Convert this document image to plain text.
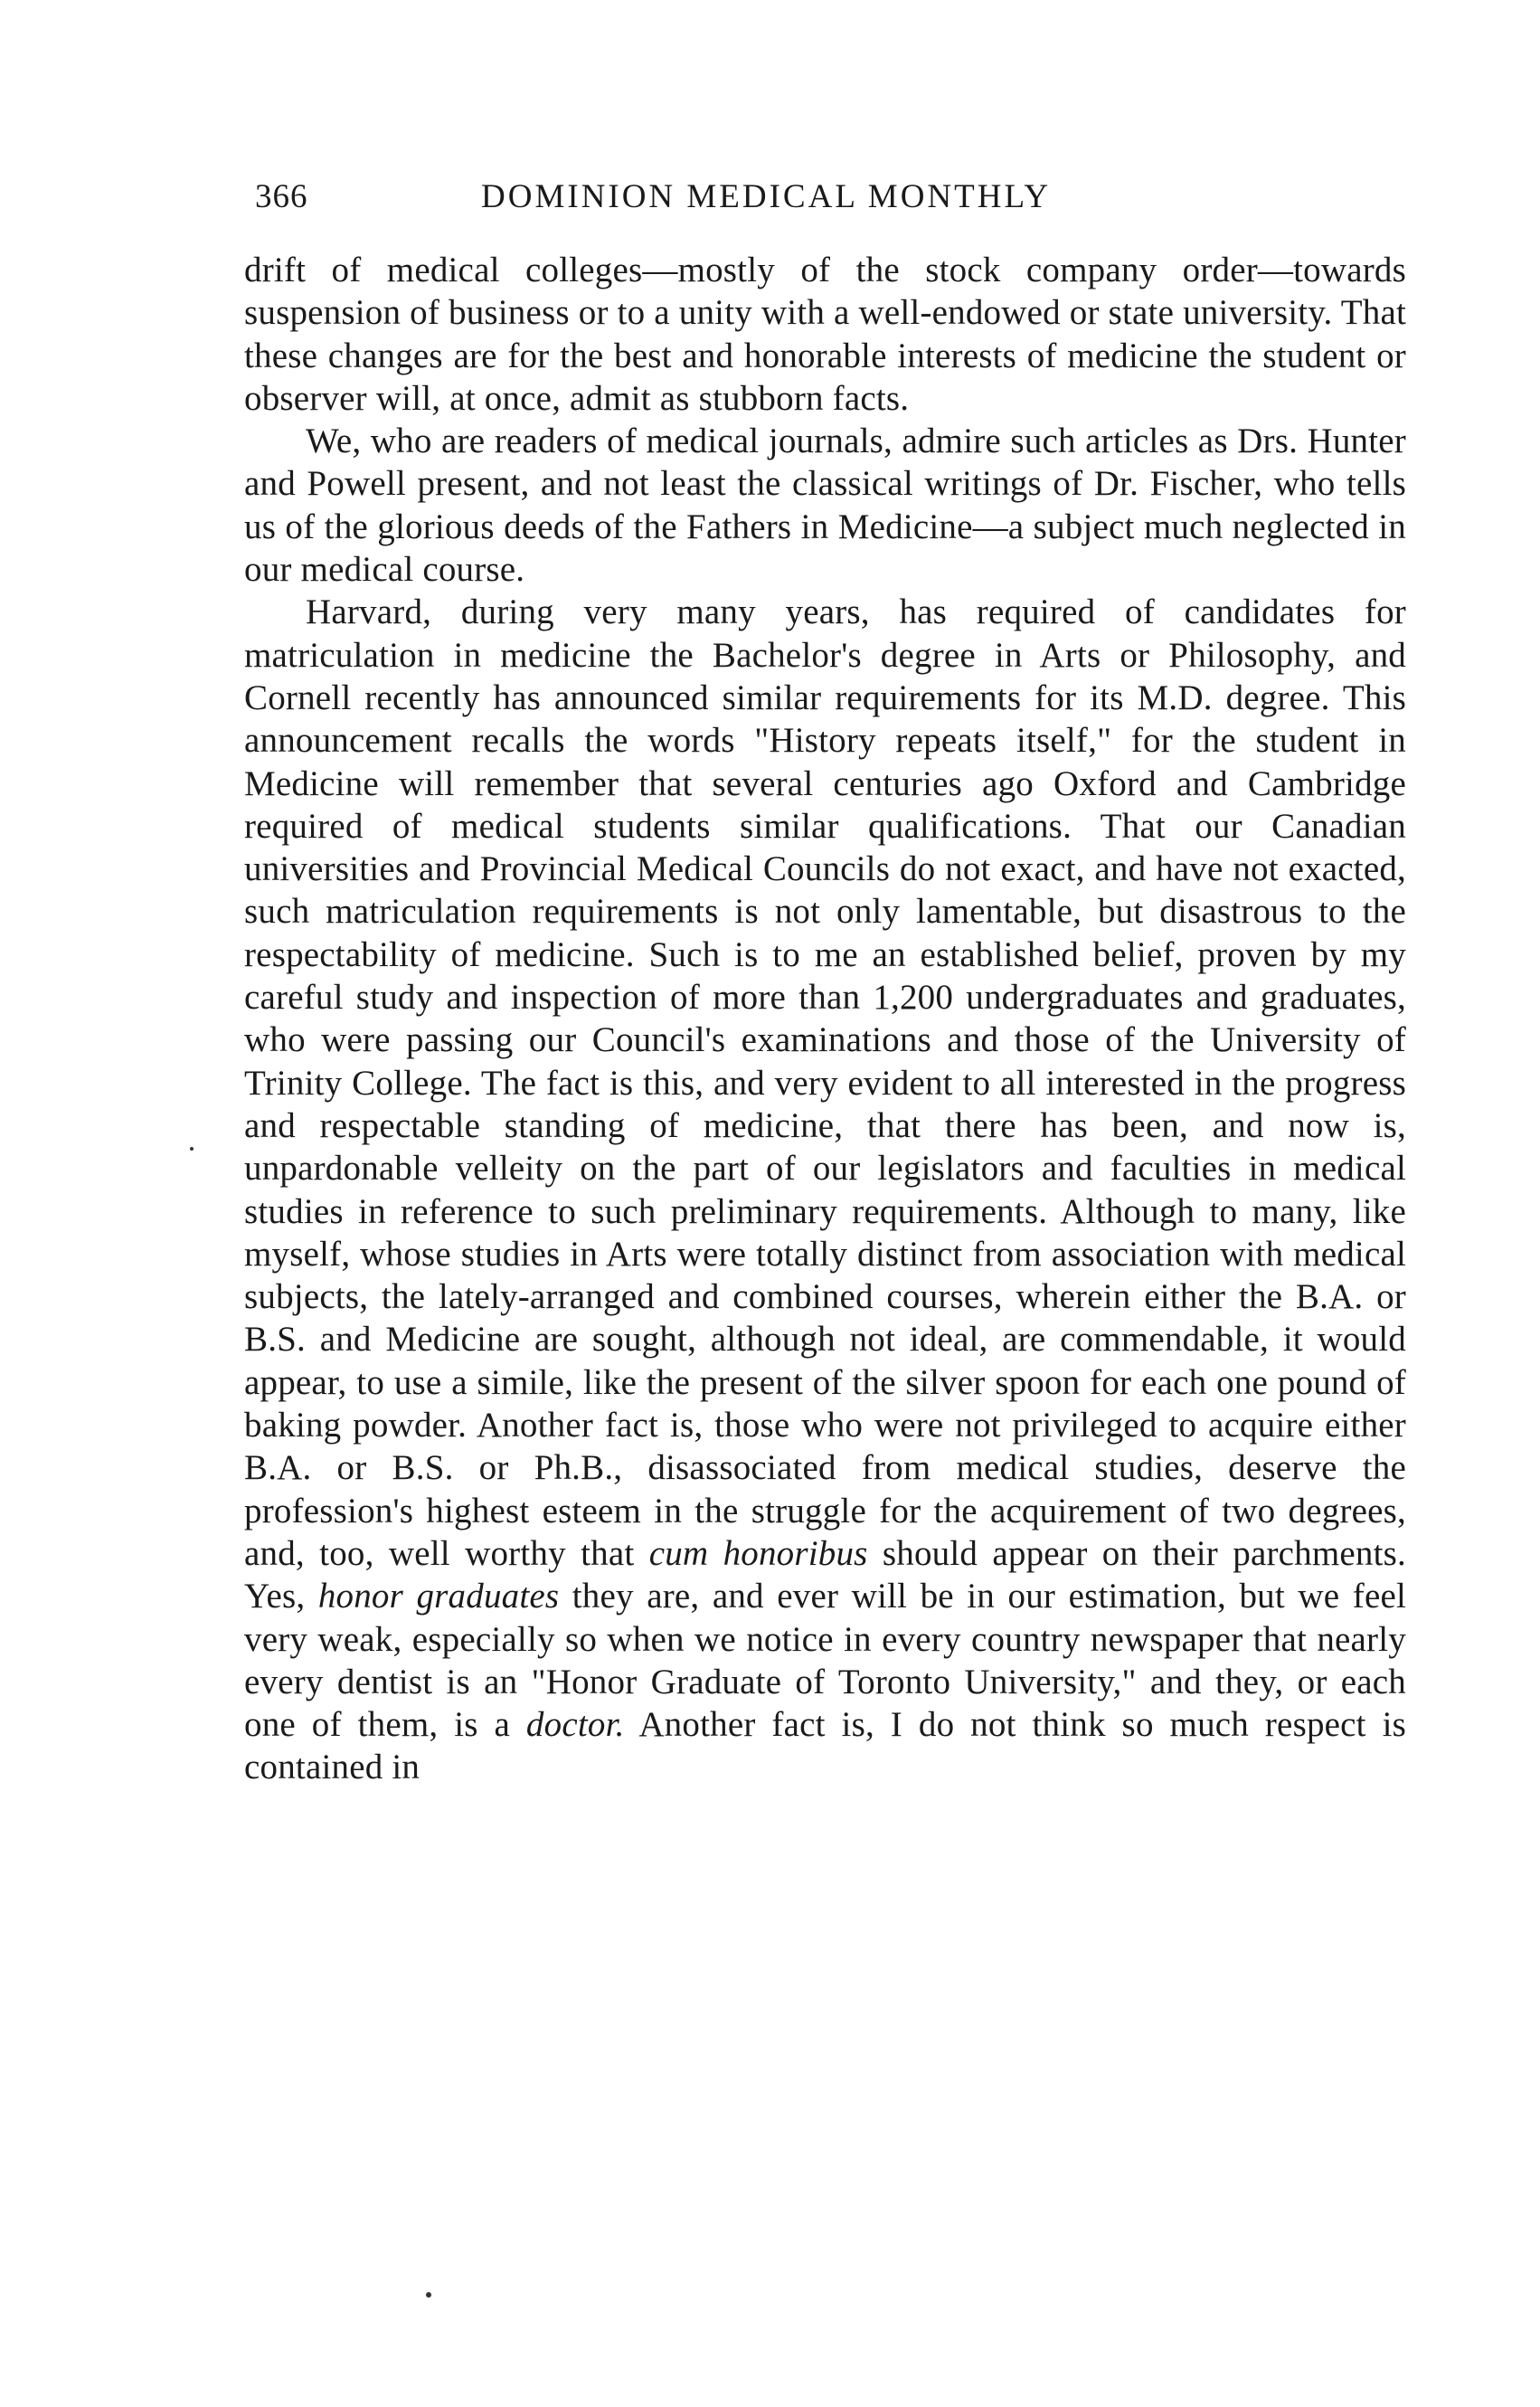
366	DOMINION MEDICAL MONTHLY

drift of medical colleges—mostly of the stock company order—towards suspension of business or to a unity with a well-endowed or state university. That these changes are for the best and honorable interests of medicine the student or observer will, at once, admit as stubborn facts.

We, who are readers of medical journals, admire such articles as Drs. Hunter and Powell present, and not least the classical writings of Dr. Fischer, who tells us of the glorious deeds of the Fathers in Medicine—a subject much neglected in our medical course.

Harvard, during very many years, has required of candidates for matriculation in medicine the Bachelor's degree in Arts or Philosophy, and Cornell recently has announced similar requirements for its M.D. degree. This announcement recalls the words "History repeats itself," for the student in Medicine will remember that several centuries ago Oxford and Cambridge required of medical students similar qualifications. That our Canadian universities and Provincial Medical Councils do not exact, and have not exacted, such matriculation requirements is not only lamentable, but disastrous to the respectability of medicine. Such is to me an established belief, proven by my careful study and inspection of more than 1,200 undergraduates and graduates, who were passing our Council's examinations and those of the University of Trinity College. The fact is this, and very evident to all interested in the progress and respectable standing of medicine, that there has been, and now is, unpardonable velleity on the part of our legislators and faculties in medical studies in reference to such preliminary requirements. Although to many, like myself, whose studies in Arts were totally distinct from association with medical subjects, the lately-arranged and combined courses, wherein either the B.A. or B.S. and Medicine are sought, although not ideal, are commendable, it would appear, to use a simile, like the present of the silver spoon for each one pound of baking powder. Another fact is, those who were not privileged to acquire either B.A. or B.S. or Ph.B., disassociated from medical studies, deserve the profession's highest esteem in the struggle for the acquirement of two degrees, and, too, well worthy that cum honoribus should appear on their parchments. Yes, honor graduates they are, and ever will be in our estimation, but we feel very weak, especially so when we notice in every country newspaper that nearly every dentist is an "Honor Graduate of Toronto University," and they, or each one of them, is a doctor. Another fact is, I do not think so much respect is contained in
